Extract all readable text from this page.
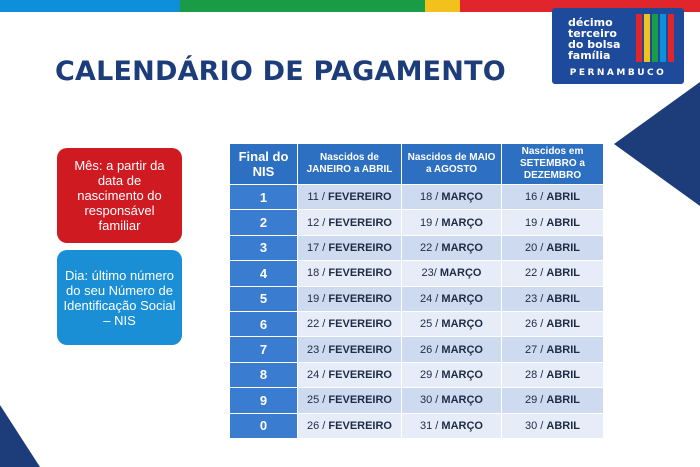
CALENDÁRIO DE PAGAMENTO
décimo
terceiro
do bolsa
família
PERNAMBUCO
Mês: a partir da data de nascimento do responsável familiar
Dia: último número do seu Número de Identificação Social – NIS
Final do NIS	Nascidos de JANEIRO a ABRIL	Nascidos de MAIO a AGOSTO	Nascidos em SETEMBRO a DEZEMBRO
1	11 / FEVEREIRO	18 / MARÇO	16 / ABRIL
2	12 / FEVEREIRO	19 / MARÇO	19 / ABRIL
3	17 / FEVEREIRO	22 / MARÇO	20 / ABRIL
4	18 / FEVEREIRO	23/ MARÇO	22 / ABRIL
5	19 / FEVEREIRO	24 / MARÇO	23 / ABRIL
6	22 / FEVEREIRO	25 / MARÇO	26 / ABRIL
7	23 / FEVEREIRO	26 / MARÇO	27 / ABRIL
8	24 / FEVEREIRO	29 / MARÇO	28 / ABRIL
9	25 / FEVEREIRO	30 / MARÇO	29 / ABRIL
0	26 / FEVEREIRO	31 / MARÇO	30 / ABRIL
